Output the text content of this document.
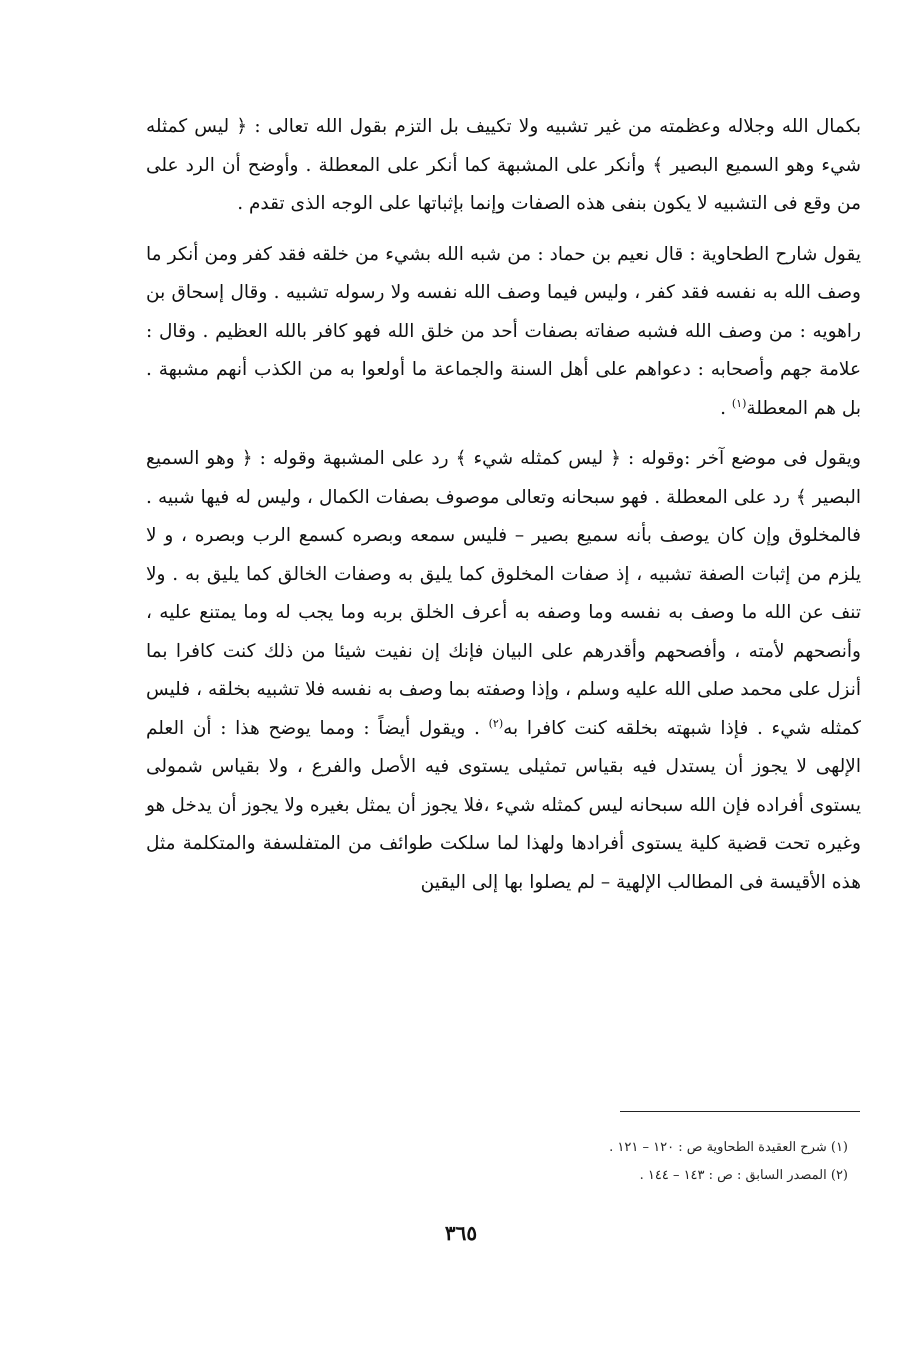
بكمال الله وجلاله وعظمته من غير تشبيه ولا تكييف بل التزم بقول الله تعالى : ﴿ ليس كمثله شيء وهو السميع البصير ﴾ وأنكر على المشبهة كما أنكر على المعطلة . وأوضح أن الرد على من وقع فى التشبيه لا يكون بنفى هذه الصفات وإنما بإثباتها على الوجه الذى تقدم .

يقول شارح الطحاوية : قال نعيم بن حماد : من شبه الله بشيء من خلقه فقد كفر ومن أنكر ما وصف الله به نفسه فقد كفر ، وليس فيما وصف الله نفسه ولا رسوله تشبيه . وقال إسحاق بن راهويه : من وصف الله فشبه صفاته بصفات أحد من خلق الله فهو كافر بالله العظيم . وقال : علامة جهم وأصحابه : دعواهم على أهل السنة والجماعة ما أولعوا به من الكذب أنهم مشبهة . بل هم المعطلة$^{(١)}$ .

ويقول فى موضع آخر :وقوله : ﴿ ليس كمثله شيء ﴾ رد على المشبهة وقوله : ﴿ وهو السميع البصير ﴾ رد على المعطلة . فهو سبحانه وتعالى موصوف بصفات الكمال ، وليس له فيها شبيه . فالمخلوق وإن كان يوصف بأنه سميع بصير – فليس سمعه وبصره كسمع الرب وبصره ، و لا يلزم من إثبات الصفة تشبيه ، إذ صفات المخلوق كما يليق به وصفات الخالق كما يليق به . ولا تنف عن الله ما وصف به نفسه وما وصفه به أعرف الخلق بربه وما يجب له وما يمتنع عليه ، وأنصحهم لأمته ، وأفصحهم وأقدرهم على البيان فإنك إن نفيت شيئا من ذلك كنت كافرا بما أنزل على محمد صلى الله عليه وسلم ، وإذا وصفته بما وصف به نفسه فلا تشبيه بخلقه ، فليس كمثله شيء . فإذا شبهته بخلقه كنت كافرا به$^{(٢)}$ . ويقول أيضاً : ومما يوضح هذا : أن العلم الإلهى لا يجوز أن يستدل فيه بقياس تمثيلى يستوى فيه الأصل والفرع ، ولا بقياس شمولى يستوى أفراده فإن الله سبحانه ليس كمثله شيء ،فلا يجوز أن يمثل بغيره ولا يجوز أن يدخل هو وغيره تحت قضية كلية يستوى أفرادها ولهذا لما سلكت طوائف من المتفلسفة والمتكلمة مثل هذه الأقيسة فى المطالب الإلهية – لم يصلوا بها إلى اليقين

(١) شرح العقيدة الطحاوية ص : ١٢٠ – ١٢١ .

(٢) المصدر السابق : ص : ١٤٣ – ١٤٤ .

٣٦٥
